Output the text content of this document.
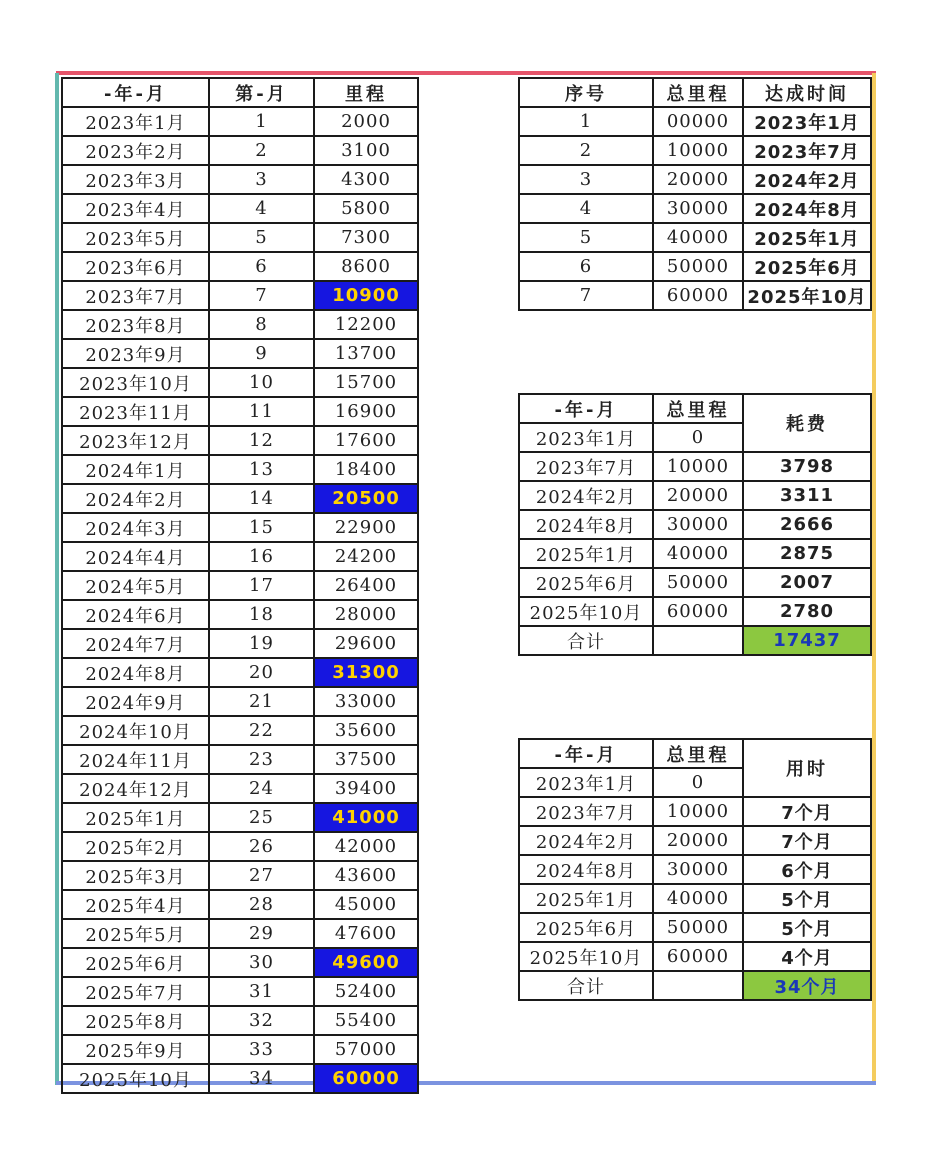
-年-月	第-月	里程
2023年1月	1	2000
2023年2月	2	3100
2023年3月	3	4300
2023年4月	4	5800
2023年5月	5	7300
2023年6月	6	8600
2023年7月	7	10900
2023年8月	8	12200
2023年9月	9	13700
2023年10月	10	15700
2023年11月	11	16900
2023年12月	12	17600
2024年1月	13	18400
2024年2月	14	20500
2024年3月	15	22900
2024年4月	16	24200
2024年5月	17	26400
2024年6月	18	28000
2024年7月	19	29600
2024年8月	20	31300
2024年9月	21	33000
2024年10月	22	35600
2024年11月	23	37500
2024年12月	24	39400
2025年1月	25	41000
2025年2月	26	42000
2025年3月	27	43600
2025年4月	28	45000
2025年5月	29	47600
2025年6月	30	49600
2025年7月	31	52400
2025年8月	32	55400
2025年9月	33	57000
2025年10月	34	60000
序号	总里程	达成时间
1	00000	2023年1月
2	10000	2023年7月
3	20000	2024年2月
4	30000	2024年8月
5	40000	2025年1月
6	50000	2025年6月
7	60000	2025年10月
-年-月	总里程	耗费
2023年1月	0	
2023年7月	10000	3798
2024年2月	20000	3311
2024年8月	30000	2666
2025年1月	40000	2875
2025年6月	50000	2007
2025年10月	60000	2780
合计		17437
-年-月	总里程	用时
2023年1月	0	
2023年7月	10000	7个月
2024年2月	20000	7个月
2024年8月	30000	6个月
2025年1月	40000	5个月
2025年6月	50000	5个月
2025年10月	60000	4个月
合计		34个月
